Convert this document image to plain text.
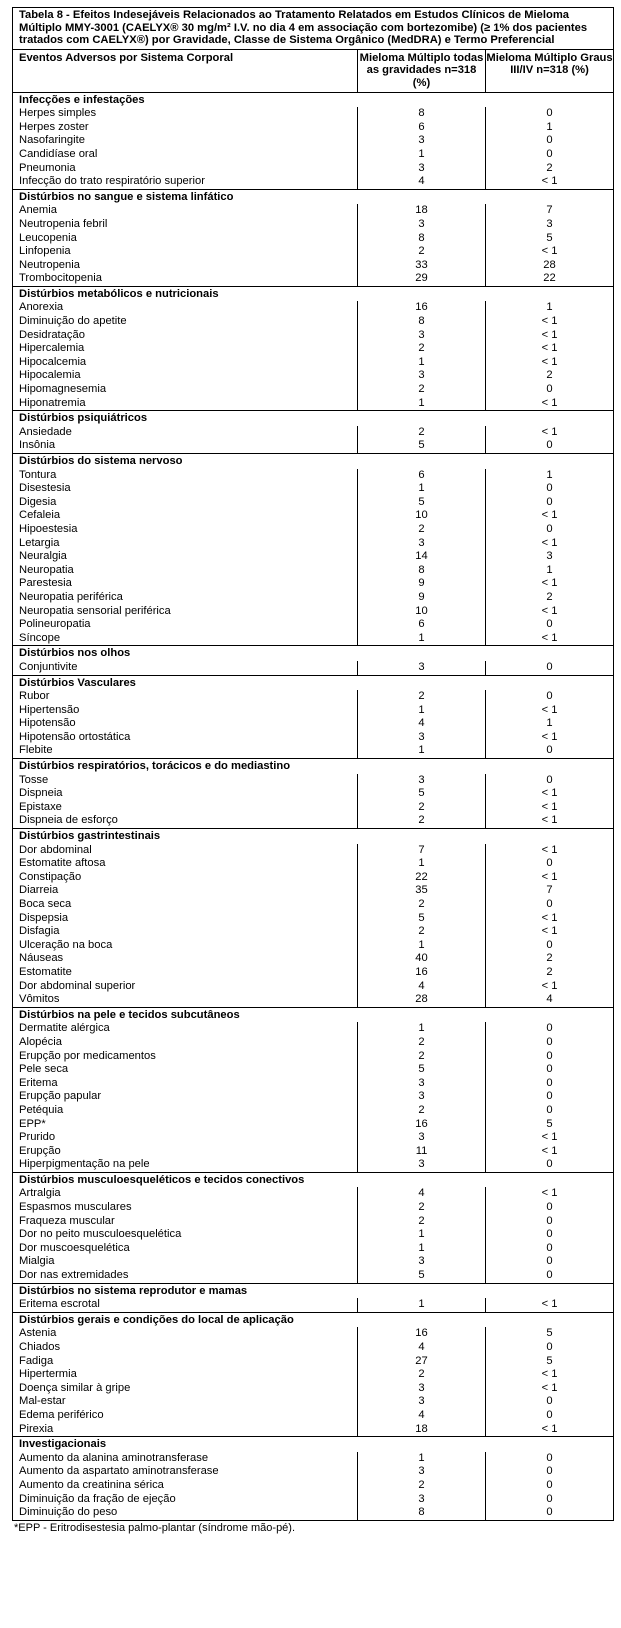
Tabela 8 - Efeitos Indesejáveis Relacionados ao Tratamento Relatados em Estudos Clínicos de Mieloma Múltiplo MMY-3001 (CAELYX® 30 mg/m² I.V. no dia 4 em associação com bortezomibe) (≥ 1% dos pacientes tratados com CAELYX®) por Gravidade, Classe de Sistema Orgânico (MedDRA) e Termo Preferencial		
Eventos Adversos por Sistema Corporal	Mieloma Múltiplo todas as gravidades n=318 (%)	Mieloma Múltiplo Graus III/IV n=318 (%)
Infecções e infestações		
Herpes simples	8	0
Herpes zoster	6	1
Nasofaringite	3	0
Candidíase oral	1	0
Pneumonia	3	2
Infecção do trato respiratório superior	4	< 1
Distúrbios no sangue e sistema linfático		
Anemia	18	7
Neutropenia febril	3	3
Leucopenia	8	5
Linfopenia	2	< 1
Neutropenia	33	28
Trombocitopenia	29	22
Distúrbios metabólicos e nutricionais		
Anorexia	16	1
Diminuição do apetite	8	< 1
Desidratação	3	< 1
Hipercalemia	2	< 1
Hipocalcemia	1	< 1
Hipocalemia	3	2
Hipomagnesemia	2	0
Hiponatremia	1	< 1
Distúrbios psiquiátricos		
Ansiedade	2	< 1
Insônia	5	0
Distúrbios do sistema nervoso		
Tontura	6	1
Disestesia	1	0
Digesia	5	0
Cefaleia	10	< 1
Hipoestesia	2	0
Letargia	3	< 1
Neuralgia	14	3
Neuropatia	8	1
Parestesia	9	< 1
Neuropatia periférica	9	2
Neuropatia sensorial periférica	10	< 1
Polineuropatia	6	0
Síncope	1	< 1
Distúrbios nos olhos		
Conjuntivite	3	0
Distúrbios Vasculares		
Rubor	2	0
Hipertensão	1	< 1
Hipotensão	4	1
Hipotensão ortostática	3	< 1
Flebite	1	0
Distúrbios respiratórios, torácicos e do mediastino		
Tosse	3	0
Dispneia	5	< 1
Epistaxe	2	< 1
Dispneia de esforço	2	< 1
Distúrbios gastrintestinais		
Dor abdominal	7	< 1
Estomatite aftosa	1	0
Constipação	22	< 1
Diarreia	35	7
Boca seca	2	0
Dispepsia	5	< 1
Disfagia	2	< 1
Ulceração na boca	1	0
Náuseas	40	2
Estomatite	16	2
Dor abdominal superior	4	< 1
Vômitos	28	4
Distúrbios na pele e tecidos subcutâneos		
Dermatite alérgica	1	0
Alopécia	2	0
Erupção por medicamentos	2	0
Pele seca	5	0
Eritema	3	0
Erupção papular	3	0
Petéquia	2	0
EPP*	16	5
Prurido	3	< 1
Erupção	11	< 1
Hiperpigmentação na pele	3	0
Distúrbios musculoesqueléticos e tecidos conectivos		
Artralgia	4	< 1
Espasmos musculares	2	0
Fraqueza muscular	2	0
Dor no peito musculoesquelética	1	0
Dor muscoesquelética	1	0
Mialgia	3	0
Dor nas extremidades	5	0
Distúrbios no sistema reprodutor e mamas		
Eritema escrotal	1	< 1
Distúrbios gerais e condições do local de aplicação		
Astenia	16	5
Chiados	4	0
Fadiga	27	5
Hipertermia	2	< 1
Doença similar à gripe	3	< 1
Mal-estar	3	0
Edema periférico	4	0
Pirexia	18	< 1
Investigacionais		
Aumento da alanina aminotransferase	1	0
Aumento da aspartato aminotransferase	3	0
Aumento da creatinina sérica	2	0
Diminuição da fração de ejeção	3	0
Diminuição do peso	8	0
*EPP - Eritrodisestesia palmo-plantar (síndrome mão-pé).
